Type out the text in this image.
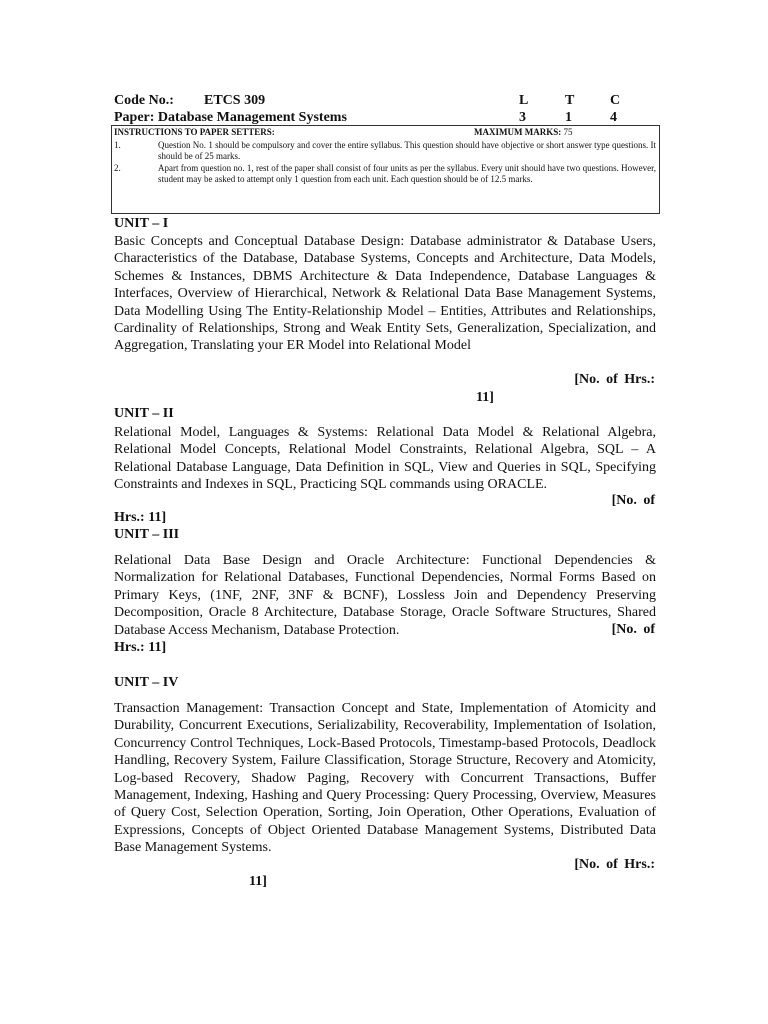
Code No.: ETCS 309	L	T	C
Paper: Database Management Systems	3	1	4
INSTRUCTIONS TO PAPER SETTERS:	MAXIMUM MARKS: 75
1.	Question No. 1 should be compulsory and cover the entire syllabus. This question should have objective or short answer type questions. It should be of 25 marks.
2.	Apart from question no. 1, rest of the paper shall consist of four units as per the syllabus. Every unit should have two questions. However, student may be asked to attempt only 1 question from each unit. Each question should be of 12.5 marks.
UNIT – I
Basic Concepts and Conceptual Database Design: Database administrator & Database Users, Characteristics of the Database, Database Systems, Concepts and Architecture, Data Models, Schemes & Instances, DBMS Architecture & Data Independence, Database Languages & Interfaces, Overview of Hierarchical, Network & Relational Data Base Management Systems, Data Modelling Using The Entity-Relationship Model – Entities, Attributes and Relationships, Cardinality of Relationships, Strong and Weak Entity Sets, Generalization, Specialization, and Aggregation, Translating your ER Model into Relational Model
[No. of Hrs.:
11]
UNIT – II
Relational Model, Languages & Systems: Relational Data Model & Relational Algebra, Relational Model Concepts, Relational Model Constraints, Relational Algebra, SQL – A Relational Database Language, Data Definition in SQL, View and Queries in SQL, Specifying Constraints and Indexes in SQL, Practicing SQL commands using ORACLE.
[No. of
Hrs.: 11]
UNIT – III
Relational Data Base Design and Oracle Architecture: Functional Dependencies & Normalization for Relational Databases, Functional Dependencies, Normal Forms Based on Primary Keys, (1NF, 2NF, 3NF & BCNF), Lossless Join and Dependency Preserving Decomposition, Oracle 8 Architecture, Database Storage, Oracle Software Structures, Shared Database Access Mechanism, Database Protection.	[No. of
Hrs.: 11]
UNIT – IV
Transaction Management: Transaction Concept and State, Implementation of Atomicity and Durability, Concurrent Executions, Serializability, Recoverability, Implementation of Isolation, Concurrency Control Techniques, Lock-Based Protocols, Timestamp-based Protocols, Deadlock Handling, Recovery System, Failure Classification, Storage Structure, Recovery and Atomicity, Log-based Recovery, Shadow Paging, Recovery with Concurrent Transactions, Buffer Management, Indexing, Hashing and Query Processing: Query Processing, Overview, Measures of Query Cost, Selection Operation, Sorting, Join Operation, Other Operations, Evaluation of Expressions, Concepts of Object Oriented Database Management Systems, Distributed Data Base Management Systems.
[No. of Hrs.:
11]
